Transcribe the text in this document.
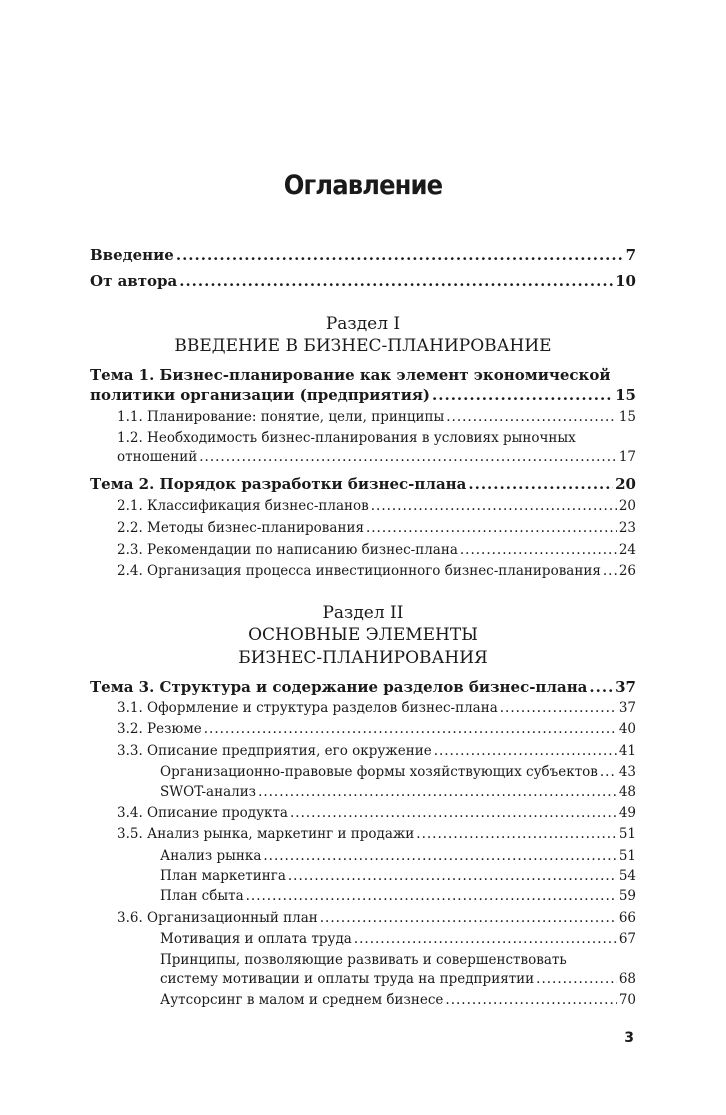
Оглавление
Введение .....	7
От автора .....	10
Раздел I
ВВЕДЕНИЕ В БИЗНЕС-ПЛАНИРОВАНИЕ
Тема 1. Бизнес-планирование как элемент экономической
политики организации (предприятия) .....	15
1.1. Планирование: понятие, цели, принципы .....	15
1.2. Необходимость бизнес-планирования в условиях рыночных
отношений .....	17
Тема 2. Порядок разработки бизнес-плана .....	20
2.1. Классификация бизнес-планов .....	20
2.2. Методы бизнес-планирования .....	23
2.3. Рекомендации по написанию бизнес-плана .....	24
2.4. Организация процесса инвестиционного бизнес-планирования ..... 26
Раздел II
ОСНОВНЫЕ ЭЛЕМЕНТЫ
БИЗНЕС-ПЛАНИРОВАНИЯ
Тема 3. Структура и содержание разделов бизнес-плана ..... 37
3.1. Оформление и структура разделов бизнес-плана .....	37
3.2. Резюме .....	40
3.3. Описание предприятия, его окружение .....	41
Организационно-правовые формы хозяйствующих субъектов ..... 43
SWOT-анализ .....	48
3.4. Описание продукта .....	49
3.5. Анализ рынка, маркетинг и продажи .....	51
Анализ рынка .....	51
План маркетинга .....	54
План сбыта .....	59
3.6. Организационный план .....	66
Мотивация и оплата труда .....	67
Принципы, позволяющие развивать и совершенствовать
систему мотивации и оплаты труда на предприятии .....	68
Аутсорсинг в малом и среднем бизнесе .....	70
3
